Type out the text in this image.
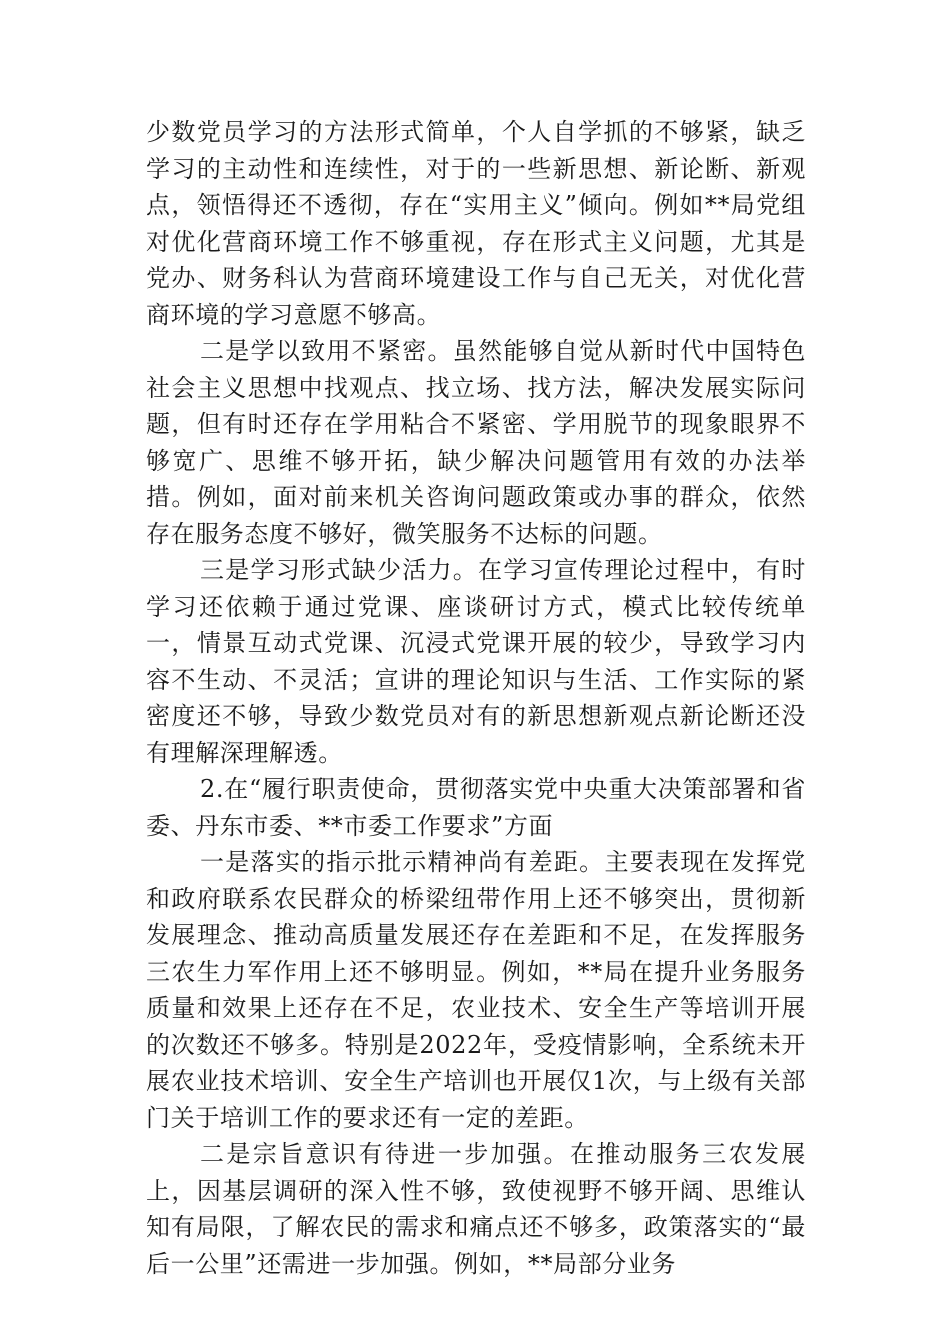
少数党员学习的方法形式简单，个人自学抓的不够紧，缺乏学习的主动性和连续性，对于的一些新思想、新论断、新观点，领悟得还不透彻，存在“实用主义”倾向。例如**局党组对优化营商环境工作不够重视，存在形式主义问题，尤其是党办、财务科认为营商环境建设工作与自己无关，对优化营商环境的学习意愿不够高。

二是学以致用不紧密。虽然能够自觉从新时代中国特色社会主义思想中找观点、找立场、找方法，解决发展实际问题，但有时还存在学用粘合不紧密、学用脱节的现象眼界不够宽广、思维不够开拓，缺少解决问题管用有效的办法举措。例如，面对前来机关咨询问题政策或办事的群众，依然存在服务态度不够好，微笑服务不达标的问题。

三是学习形式缺少活力。在学习宣传理论过程中，有时学习还依赖于通过党课、座谈研讨方式，模式比较传统单一，情景互动式党课、沉浸式党课开展的较少，导致学习内容不生动、不灵活；宣讲的理论知识与生活、工作实际的紧密度还不够，导致少数党员对有的新思想新观点新论断还没有理解深理解透。

2.在“履行职责使命，贯彻落实党中央重大决策部署和省委、丹东市委、**市委工作要求”方面

一是落实的指示批示精神尚有差距。主要表现在发挥党和政府联系农民群众的桥梁纽带作用上还不够突出，贯彻新发展理念、推动高质量发展还存在差距和不足，在发挥服务三农生力军作用上还不够明显。例如，**局在提升业务服务质量和效果上还存在不足，农业技术、安全生产等培训开展的次数还不够多。特别是2022年，受疫情影响，全系统未开展农业技术培训、安全生产培训也开展仅1次，与上级有关部门关于培训工作的要求还有一定的差距。

二是宗旨意识有待进一步加强。在推动服务三农发展上，因基层调研的深入性不够，致使视野不够开阔、思维认知有局限，了解农民的需求和痛点还不够多，政策落实的“最后一公里”还需进一步加强。例如，**局部分业务
